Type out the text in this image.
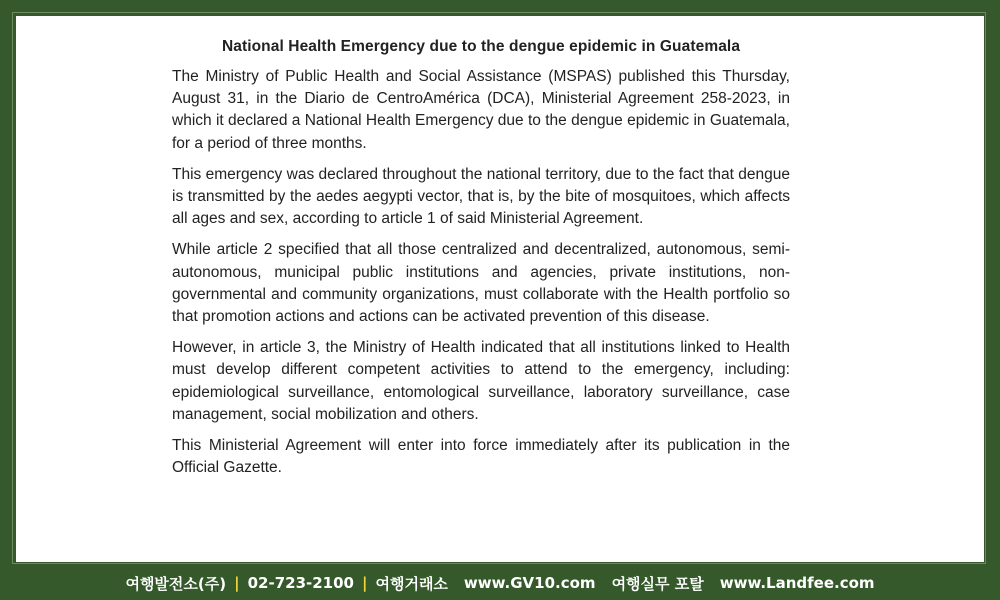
National Health Emergency due to the dengue epidemic in Guatemala

The Ministry of Public Health and Social Assistance (MSPAS) published this Thursday, August 31, in the Diario de CentroAmérica (DCA), Ministerial Agreement 258-2023, in which it declared a National Health Emergency due to the dengue epidemic in Guatemala, for a period of three months.

This emergency was declared throughout the national territory, due to the fact that dengue is transmitted by the aedes aegypti vector, that is, by the bite of mosquitoes, which affects all ages and sex, according to article 1 of said Ministerial Agreement.

While article 2 specified that all those centralized and decentralized, autonomous, semi-autonomous, municipal public institutions and agencies, private institutions, non-governmental and community organizations, must collaborate with the Health portfolio so that promotion actions and actions can be activated prevention of this disease.

However, in article 3, the Ministry of Health indicated that all institutions linked to Health must develop different competent activities to attend to the emergency, including: epidemiological surveillance, entomological surveillance, laboratory surveillance, case management, social mobilization and others.

This Ministerial Agreement will enter into force immediately after its publication in the Official Gazette.

여행발전소(주) | 02-723-2100 | 여행거래소 www.GV10.com 여행실무 포탈 www.Landfee.com
